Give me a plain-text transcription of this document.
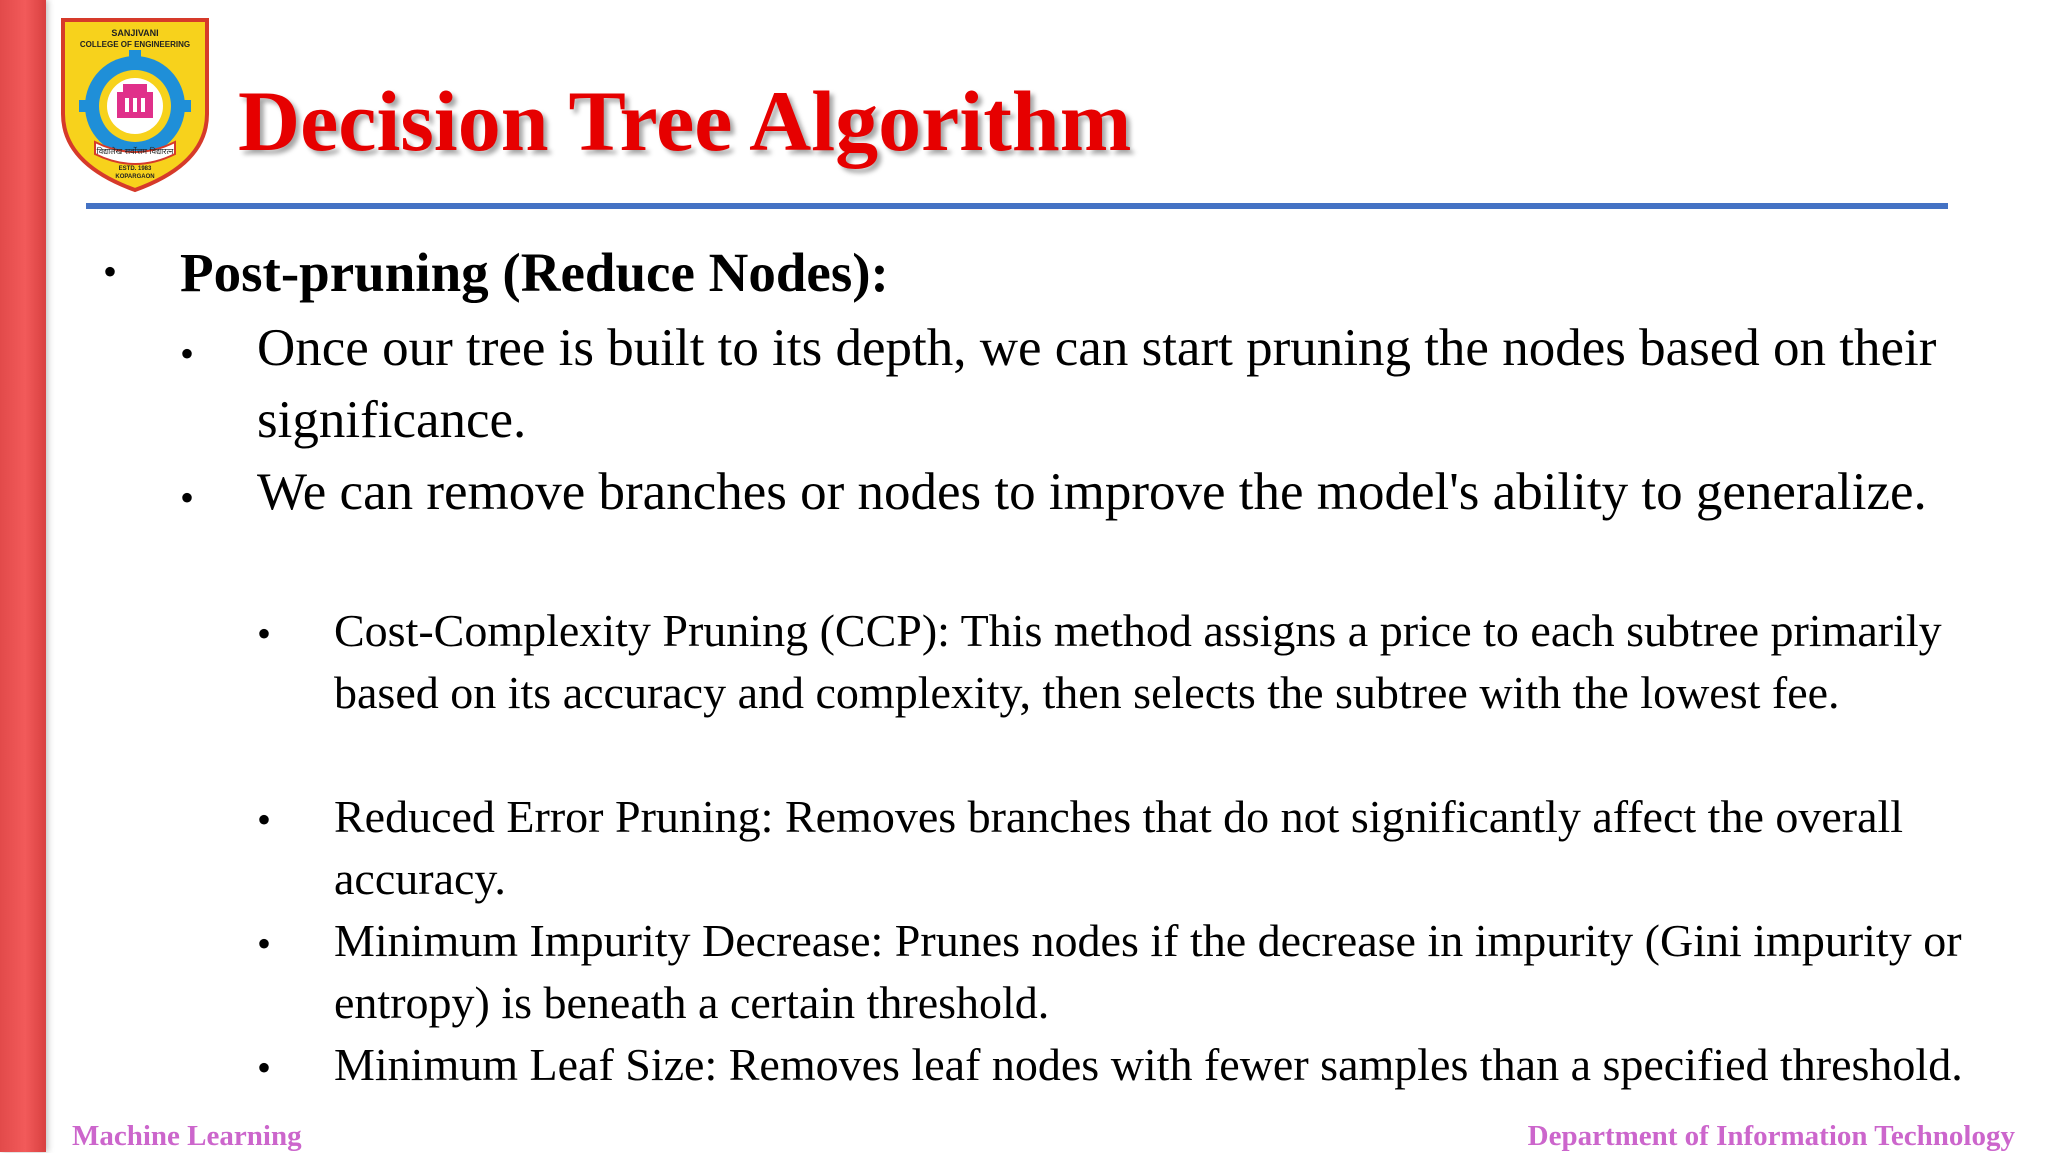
SANJIVANI
COLLEGE OF ENGINEERING
विद्यालेख सर्वोत्तम विद्यारत्न
ESTD. 1983
KOPARGAON
Decision Tree Algorithm
• Post-pruning (Reduce Nodes):
• Once our tree is built to its depth, we can start pruning the nodes based on their significance.
• We can remove branches or nodes to improve the model's ability to generalize.
• Cost-Complexity Pruning (CCP): This method assigns a price to each subtree primarily based on its accuracy and complexity, then selects the subtree with the lowest fee.
• Reduced Error Pruning: Removes branches that do not significantly affect the overall accuracy.
• Minimum Impurity Decrease: Prunes nodes if the decrease in impurity (Gini impurity or entropy) is beneath a certain threshold.
• Minimum Leaf Size: Removes leaf nodes with fewer samples than a specified threshold.
Machine Learning	Department of Information Technology
